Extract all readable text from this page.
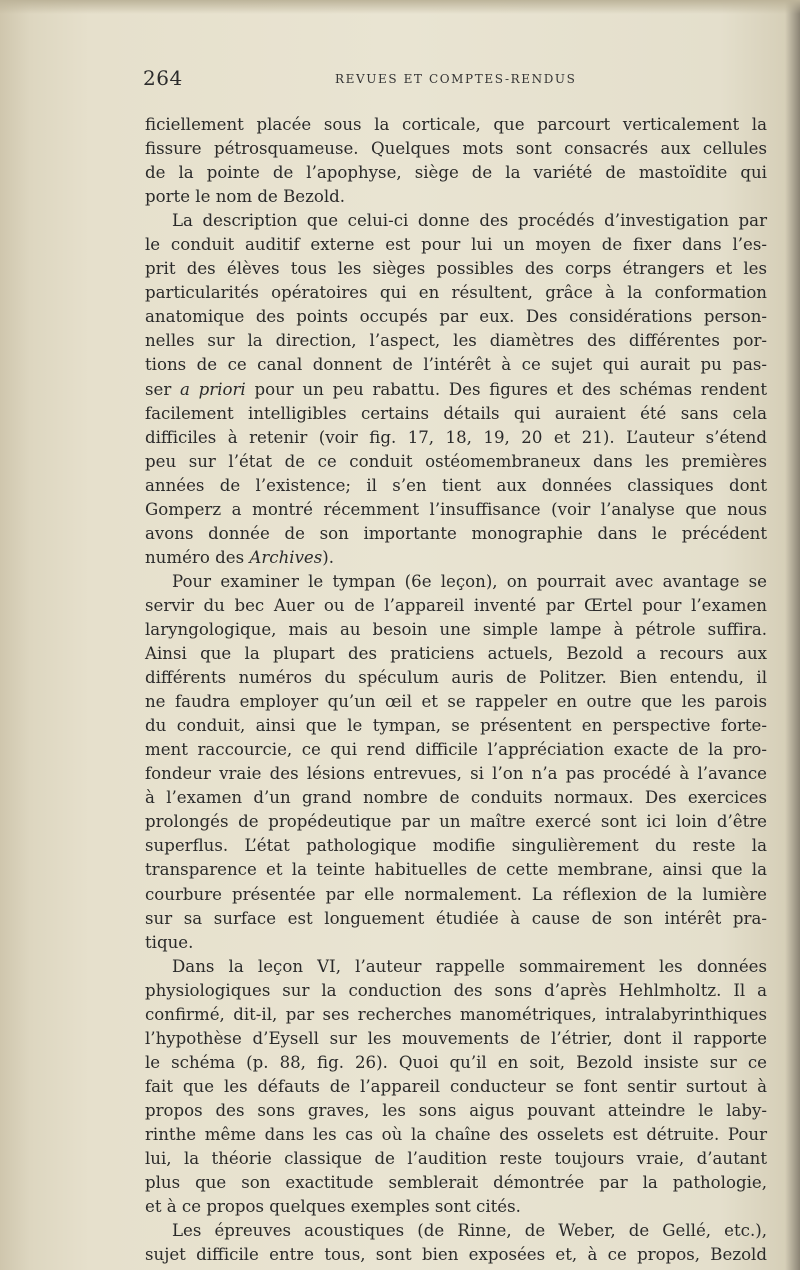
264	REVUES ET COMPTES-RENDUS
ficiellement placée sous la corticale, que parcourt verticalement la
fissure pétrosquameuse. Quelques mots sont consacrés aux cellules
de la pointe de l’apophyse, siège de la variété de mastoïdite qui
porte le nom de Bezold.
La description que celui-ci donne des procédés d’investigation par
le conduit auditif externe est pour lui un moyen de fixer dans l’es-
prit des élèves tous les sièges possibles des corps étrangers et les
particularités opératoires qui en résultent, grâce à la conformation
anatomique des points occupés par eux. Des considérations person-
nelles sur la direction, l’aspect, les diamètres des différentes por-
tions de ce canal donnent de l’intérêt à ce sujet qui aurait pu pas-
ser a priori pour un peu rabattu. Des figures et des schémas rendent
facilement intelligibles certains détails qui auraient été sans cela
difficiles à retenir (voir fig. 17, 18, 19, 20 et 21). L’auteur s’étend
peu sur l’état de ce conduit ostéomembraneux dans les premières
années de l’existence; il s’en tient aux données classiques dont
Gomperz a montré récemment l’insuffisance (voir l’analyse que nous
avons donnée de son importante monographie dans le précédent
numéro des Archives).
Pour examiner le tympan (6e leçon), on pourrait avec avantage se
servir du bec Auer ou de l’appareil inventé par Œrtel pour l’examen
laryngologique, mais au besoin une simple lampe à pétrole suffira.
Ainsi que la plupart des praticiens actuels, Bezold a recours aux
différents numéros du spéculum auris de Politzer. Bien entendu, il
ne faudra employer qu’un œil et se rappeler en outre que les parois
du conduit, ainsi que le tympan, se présentent en perspective forte-
ment raccourcie, ce qui rend difficile l’appréciation exacte de la pro-
fondeur vraie des lésions entrevues, si l’on n’a pas procédé à l’avance
à l’examen d’un grand nombre de conduits normaux. Des exercices
prolongés de propédeutique par un maître exercé sont ici loin d’être
superflus. L’état pathologique modifie singulièrement du reste la
transparence et la teinte habituelles de cette membrane, ainsi que la
courbure présentée par elle normalement. La réflexion de la lumière
sur sa surface est longuement étudiée à cause de son intérêt pra-
tique.
Dans la leçon VI, l’auteur rappelle sommairement les données
physiologiques sur la conduction des sons d’après Hehlmholtz. Il a
confirmé, dit-il, par ses recherches manométriques, intralabyrinthiques
l’hypothèse d’Eysell sur les mouvements de l’étrier, dont il rapporte
le schéma (p. 88, fig. 26). Quoi qu’il en soit, Bezold insiste sur ce
fait que les défauts de l’appareil conducteur se font sentir surtout à
propos des sons graves, les sons aigus pouvant atteindre le laby-
rinthe même dans les cas où la chaîne des osselets est détruite. Pour
lui, la théorie classique de l’audition reste toujours vraie, d’autant
plus que son exactitude semblerait démontrée par la pathologie,
et à ce propos quelques exemples sont cités.
Les épreuves acoustiques (de Rinne, de Weber, de Gellé, etc.),
sujet difficile entre tous, sont bien exposées et, à ce propos, Bezold
